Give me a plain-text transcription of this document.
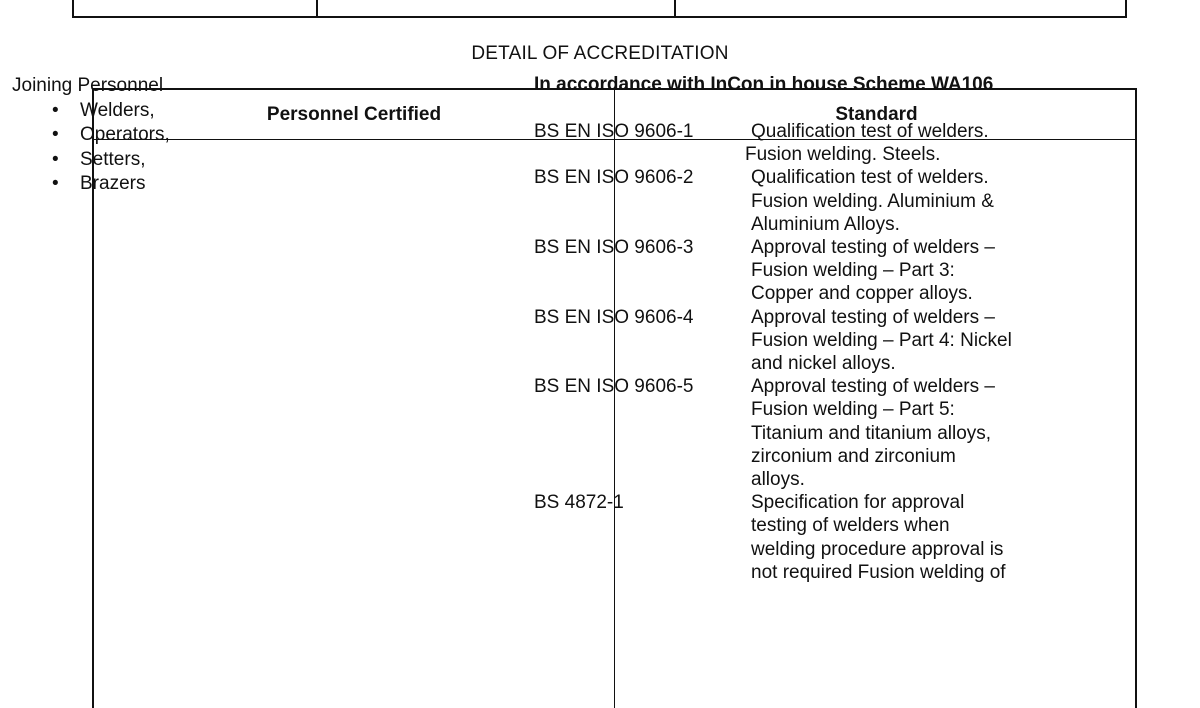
DETAIL OF ACCREDITATION
Personnel Certified	Standard
Joining Personnel
• Welders,
• Operators,
• Setters,
• Brazers
In accordance with InCon in house Scheme WA106
BS EN ISO 9606-1	Qualification test of welders.
Fusion welding. Steels.
BS EN ISO 9606-2	Qualification test of welders.
Fusion welding. Aluminium &
Aluminium Alloys.
BS EN ISO 9606-3	Approval testing of welders –
Fusion welding – Part 3:
Copper and copper alloys.
BS EN ISO 9606-4	Approval testing of welders –
Fusion welding – Part 4: Nickel
and nickel alloys.
BS EN ISO 9606-5	Approval testing of welders –
Fusion welding – Part 5:
Titanium and titanium alloys,
zirconium and zirconium
alloys.
BS 4872-1	Specification for approval
testing of welders when
welding procedure approval is
not required Fusion welding of
